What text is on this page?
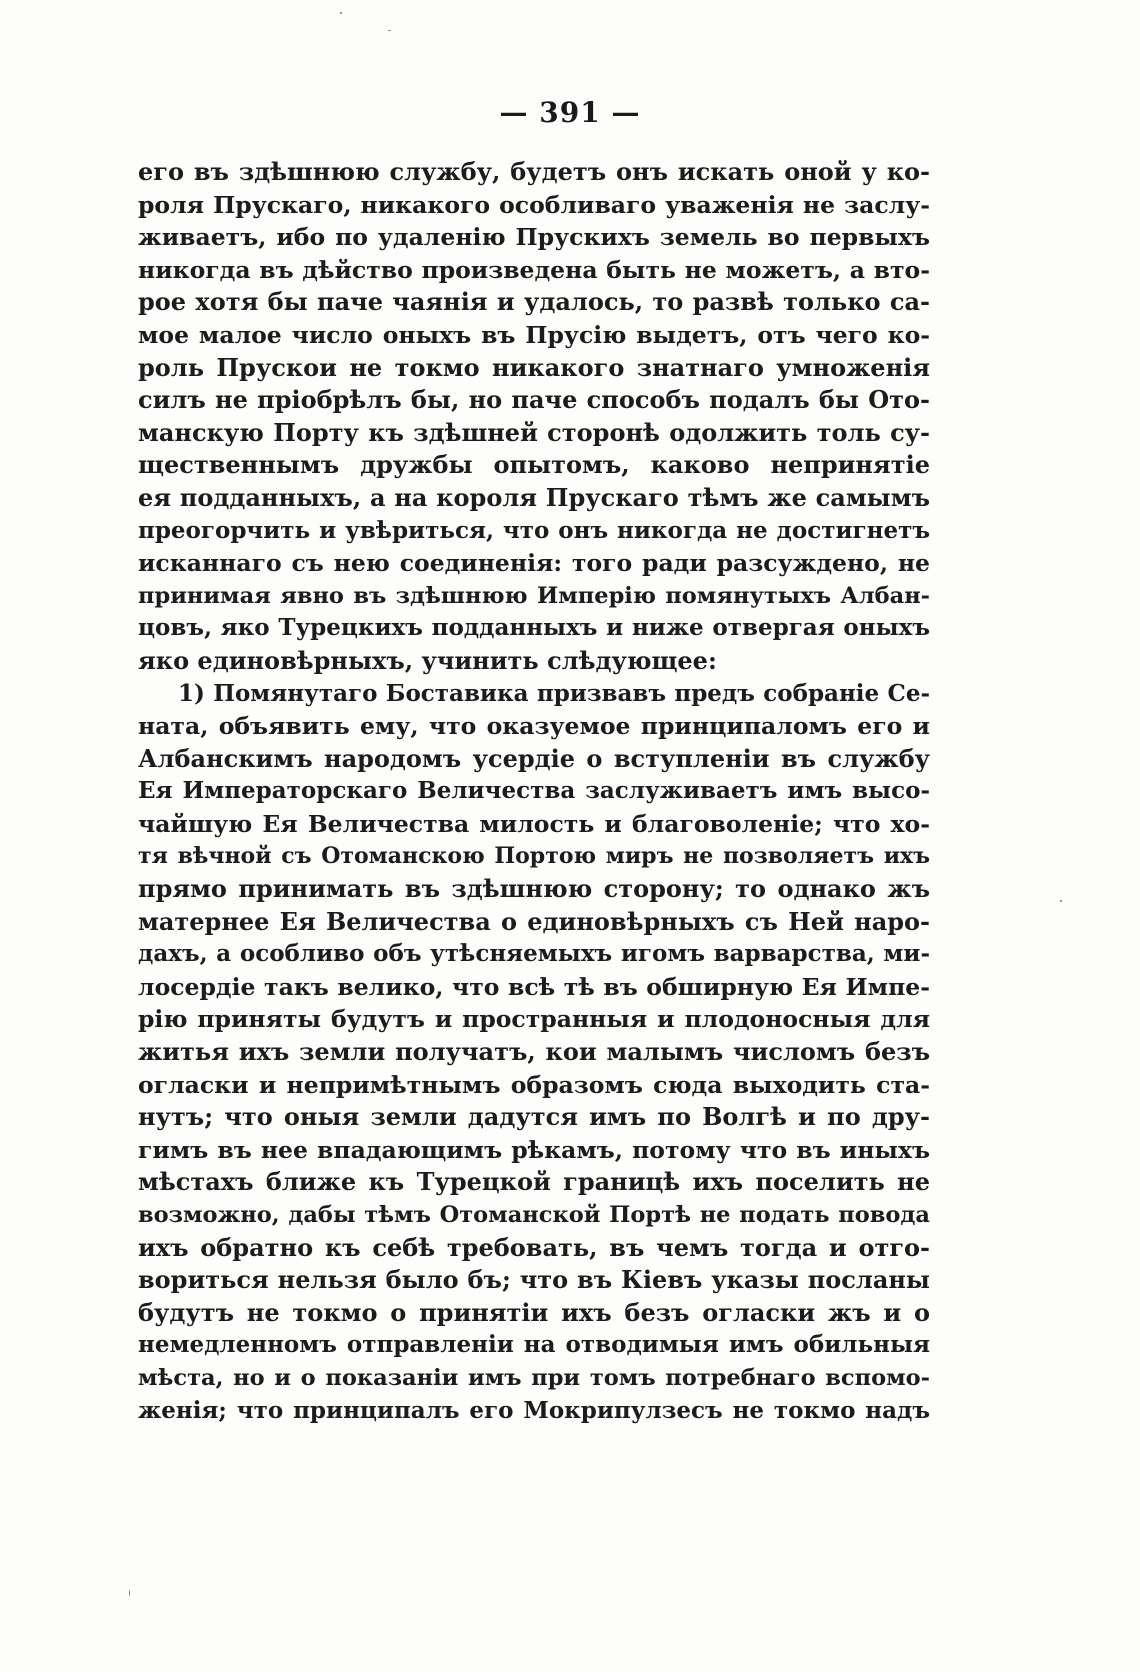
— 391 —
его въ здѣшнюю службу, будетъ онъ искать оной у ко-
роля Прускаго, никакого особливаго уваженія не заслу-
живаетъ, ибо по удаленію Прускихъ земель во первыхъ
никогда въ дѣйство произведена быть не можетъ, а вто-
рое хотя бы паче чаянія и удалось, то развѣ только са-
мое малое число оныхъ въ Прусію выдетъ, отъ чего ко-
роль Прускои не токмо никакого знатнаго умноженія
силъ не пріобрѣлъ бы, но паче способъ подалъ бы Ото-
манскую Порту къ здѣшней сторонѣ одолжить толь су-
щественнымъ дружбы опытомъ, каково непринятіе
ея подданныхъ, а на короля Прускаго тѣмъ же самымъ
преогорчить и увѣриться, что онъ никогда не достигнетъ
исканнаго съ нею соединенія: того ради разсуждено, не
принимая явно въ здѣшнюю Имперію помянутыхъ Албан-
цовъ, яко Турецкихъ подданныхъ и ниже отвергая оныхъ
яко единовѣрныхъ, учинить слѣдующее:
1) Помянутаго Боставика призвавъ предъ собраніе Се-
ната, объявить ему, что оказуемое принципаломъ его и
Албанскимъ народомъ усердіе о вступленіи въ службу
Ея Императорскаго Величества заслуживаетъ имъ высо-
чайшую Ея Величества милость и благоволеніе; что хо-
тя вѣчной съ Отоманскою Портою миръ не позволяетъ ихъ
прямо принимать въ здѣшнюю сторону; то однако жъ
матернее Ея Величества о единовѣрныхъ съ Ней наро-
дахъ, а особливо объ утѣсняемыхъ игомъ варварства, ми-
лосердіе такъ велико, что всѣ тѣ въ обширную Ея Импе-
рію приняты будутъ и пространныя и плодоносныя для
житья ихъ земли получатъ, кои малымъ числомъ безъ
огласки и непримѣтнымъ образомъ сюда выходить ста-
нутъ; что оныя земли дадутся имъ по Волгѣ и по дру-
гимъ въ нее впадающимъ рѣкамъ, потому что въ иныхъ
мѣстахъ ближе къ Турецкой границѣ ихъ поселить не
возможно, дабы тѣмъ Отоманской Портѣ не подать повода
ихъ обратно къ себѣ требовать, въ чемъ тогда и отго-
вориться нельзя было бъ; что въ Кіевъ указы посланы
будутъ не токмо о принятіи ихъ безъ огласки жъ и о
немедленномъ отправленіи на отводимыя имъ обильныя
мѣста, но и о показаніи имъ при томъ потребнаго вспомо-
женія; что принципалъ его Мокрипулзесъ не токмо надъ
